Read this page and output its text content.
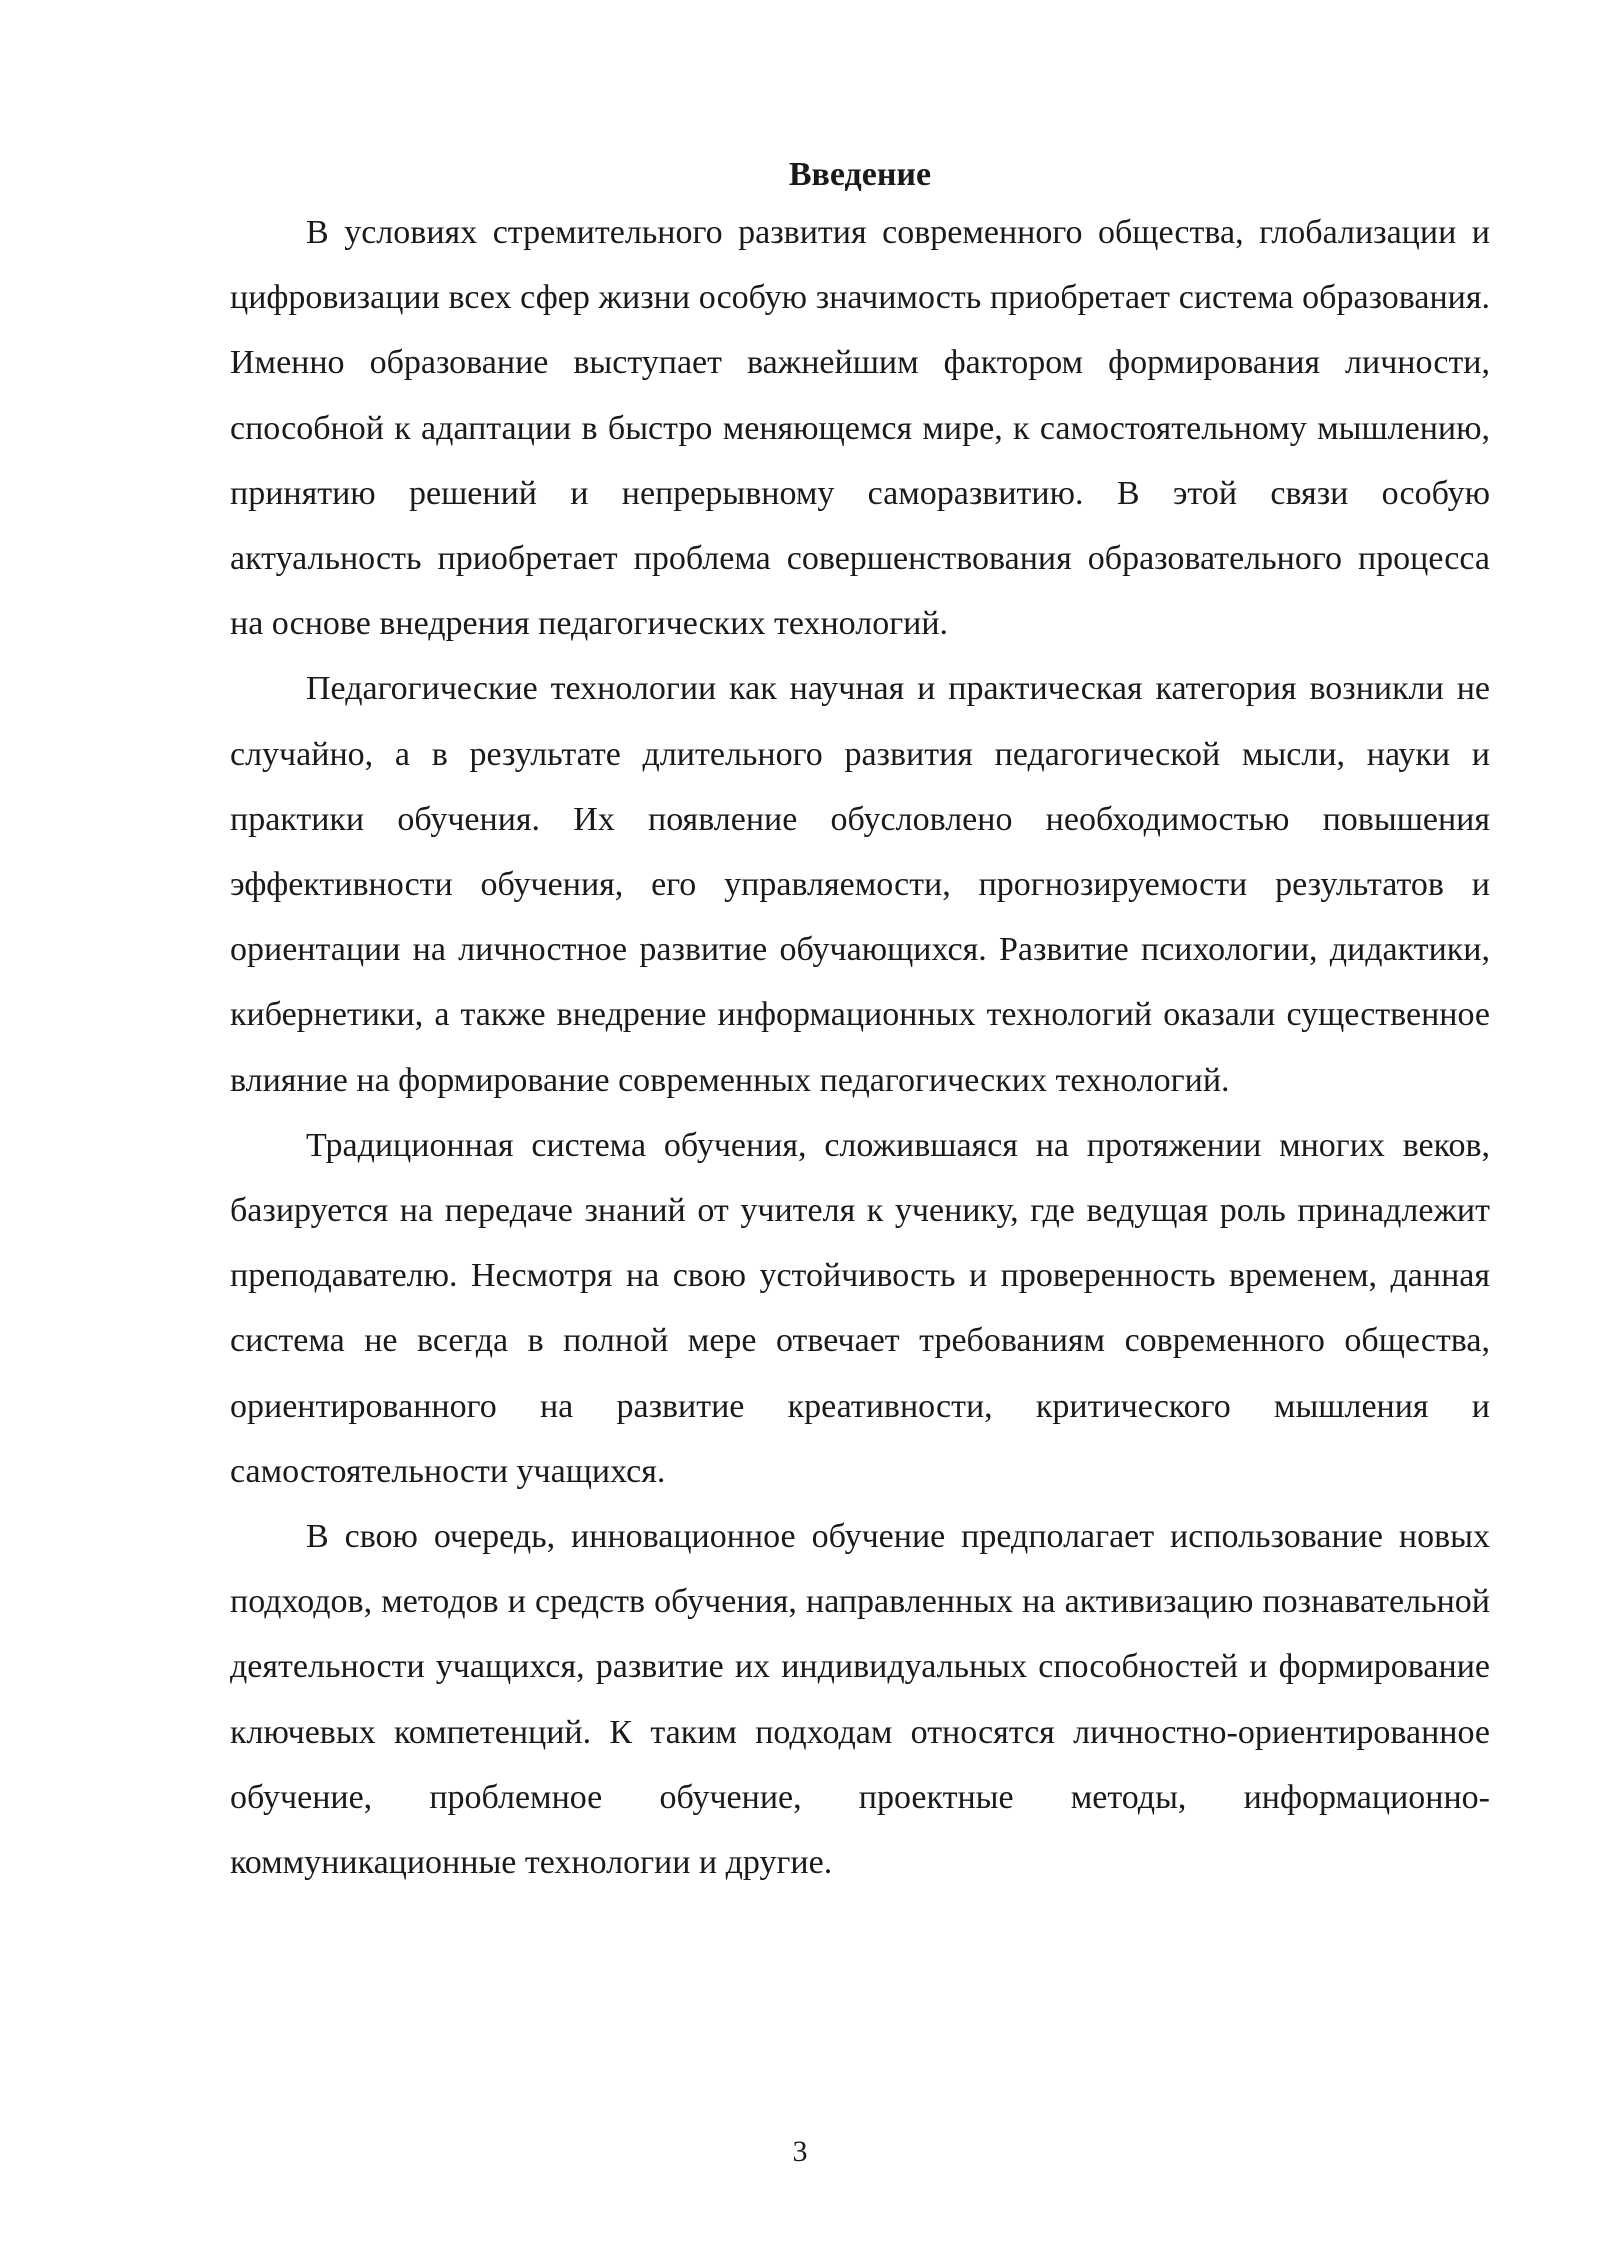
Введение

В условиях стремительного развития современного общества, глобализации и цифровизации всех сфер жизни особую значимость приобретает система образования. Именно образование выступает важнейшим фактором формирования личности, способной к адаптации в быстро меняющемся мире, к самостоятельному мышлению, принятию решений и непрерывному саморазвитию. В этой связи особую актуальность приобретает проблема совершенствования образовательного процесса на основе внедрения педагогических технологий.

Педагогические технологии как научная и практическая категория возникли не случайно, а в результате длительного развития педагогической мысли, науки и практики обучения. Их появление обусловлено необходимостью повышения эффективности обучения, его управляемости, прогнозируемости результатов и ориентации на личностное развитие обучающихся. Развитие психологии, дидактики, кибернетики, а также внедрение информационных технологий оказали существенное влияние на формирование современных педагогических технологий.

Традиционная система обучения, сложившаяся на протяжении многих веков, базируется на передаче знаний от учителя к ученику, где ведущая роль принадлежит преподавателю. Несмотря на свою устойчивость и проверенность временем, данная система не всегда в полной мере отвечает требованиям современного общества, ориентированного на развитие креативности, критического мышления и самостоятельности учащихся.

В свою очередь, инновационное обучение предполагает использование новых подходов, методов и средств обучения, направленных на активизацию познавательной деятельности учащихся, развитие их индивидуальных способностей и формирование ключевых компетенций. К таким подходам относятся личностно-ориентированное обучение, проблемное обучение, проектные методы, информационно-коммуникационные технологии и другие.

3
